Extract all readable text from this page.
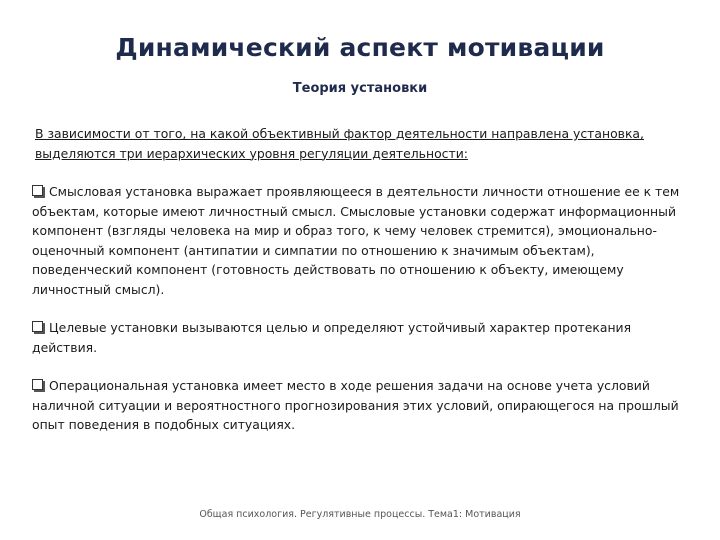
Динамический аспект мотивации
Теория установки

В зависимости от того, на какой объективный фактор деятельности направлена установка, выделяются три иерархических уровня регуляции деятельности:

Смысловая установка выражает проявляющееся в деятельности личности отношение ее к тем объектам, которые имеют личностный смысл. Смысловые установки содержат информационный компонент (взгляды человека на мир и образ того, к чему человек стремится), эмоционально-оценочный компонент (антипатии и симпатии по отношению к значимым объектам), поведенческий компонент (готовность действовать по отношению к объекту, имеющему личностный смысл).

Целевые установки вызываются целью и определяют устойчивый характер протекания действия.

Операциональная установка имеет место в ходе решения задачи на основе учета условий наличной ситуации и вероятностного прогнозирования этих условий, опирающегося на прошлый опыт поведения в подобных ситуациях.

Общая психология. Регулятивные процессы. Тема1: Мотивация
